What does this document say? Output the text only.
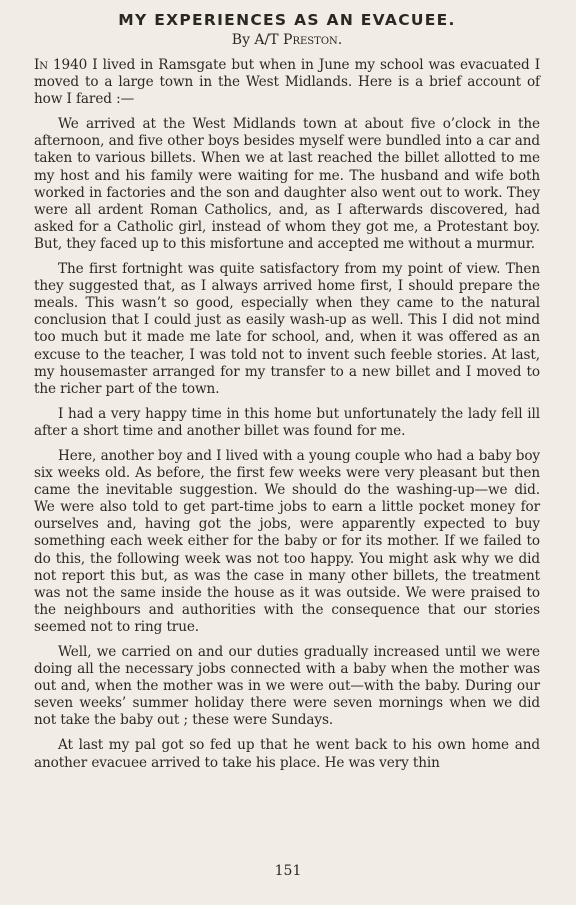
MY EXPERIENCES AS AN EVACUEE.
By A/T Preston.

In 1940 I lived in Ramsgate but when in June my school was evacuated I moved to a large town in the West Midlands. Here is a brief account of how I fared :—

We arrived at the West Midlands town at about five o’clock in the afternoon, and five other boys besides myself were bundled into a car and taken to various billets. When we at last reached the billet allotted to me my host and his family were waiting for me. The husband and wife both worked in factories and the son and daughter also went out to work. They were all ardent Roman Catholics, and, as I afterwards discovered, had asked for a Catholic girl, instead of whom they got me, a Protestant boy. But, they faced up to this misfortune and accepted me without a murmur.

The first fortnight was quite satisfactory from my point of view. Then they suggested that, as I always arrived home first, I should prepare the meals. This wasn’t so good, especially when they came to the natural conclusion that I could just as easily wash-up as well. This I did not mind too much but it made me late for school, and, when it was offered as an excuse to the teacher, I was told not to invent such feeble stories. At last, my housemaster arranged for my transfer to a new billet and I moved to the richer part of the town.

I had a very happy time in this home but unfortunately the lady fell ill after a short time and another billet was found for me.

Here, another boy and I lived with a young couple who had a baby boy six weeks old. As before, the first few weeks were very pleasant but then came the inevitable suggestion. We should do the washing-up—we did. We were also told to get part-time jobs to earn a little pocket money for ourselves and, having got the jobs, were apparently expected to buy something each week either for the baby or for its mother. If we failed to do this, the following week was not too happy. You might ask why we did not report this but, as was the case in many other billets, the treatment was not the same inside the house as it was outside. We were praised to the neighbours and authorities with the consequence that our stories seemed not to ring true.

Well, we carried on and our duties gradually increased until we were doing all the necessary jobs connected with a baby when the mother was out and, when the mother was in we were out—with the baby. During our seven weeks’ summer holiday there were seven mornings when we did not take the baby out ; these were Sundays.

At last my pal got so fed up that he went back to his own home and another evacuee arrived to take his place. He was very thin

151
